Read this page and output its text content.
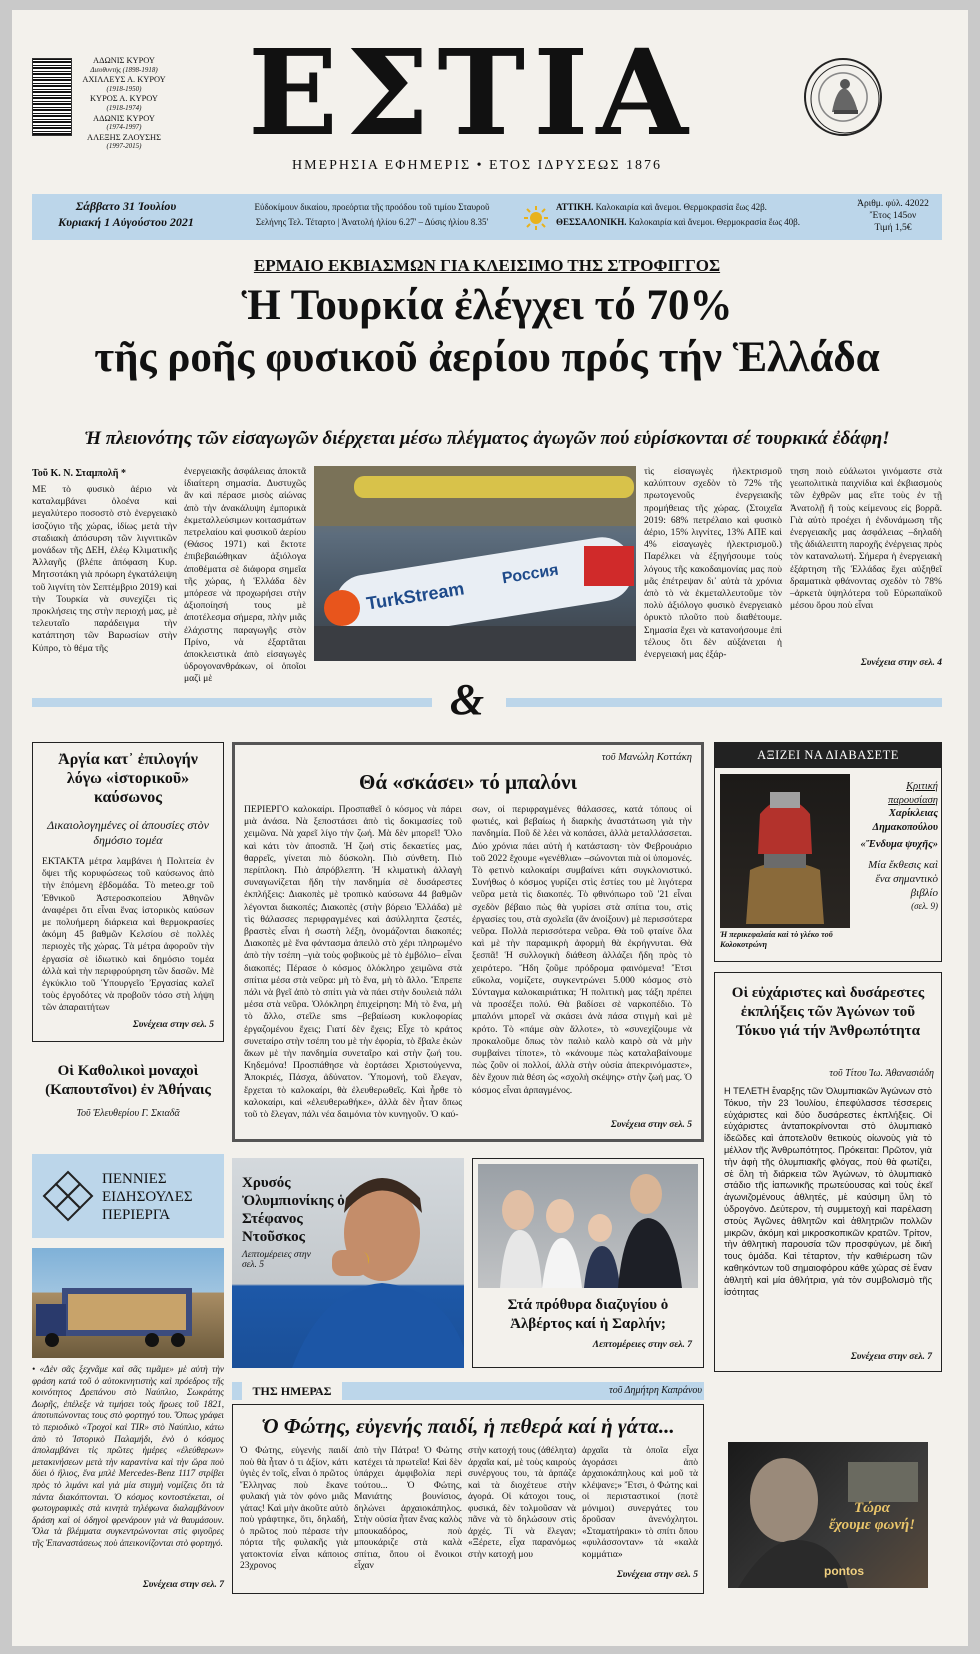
ΑΔΩΝΙΣ ΚΥΡΟΥ
Διευθυντής (1898-1918)
ΑΧΙΛΛΕΥΣ Α. ΚΥΡΟΥ
(1918-1950)
ΚΥΡΟΣ Α. ΚΥΡΟΥ
(1918-1974)
ΑΔΩΝΙΣ ΚΥΡΟΥ
(1974-1997)
ΑΛΕΞΗΣ ΖΑΟΥΣΗΣ
(1997-2015) ΕΣΤΙΑ
ΗΜΕΡΗΣΙΑ ΕΦΗΜΕΡΙΣ • ΕΤΟΣ ΙΔΡΥΣΕΩΣ 1876
Σάββατο 31 Ἰουλίου
Κυριακή 1 Αὐγούστου 2021
Εὐδοκίμουν δικαίου, προεόρτια τῆς προόδου τοῦ τιμίου Σταυροῦ
Σελήνης Τελ. Τέταρτο | Ἀνατολή ἡλίου 6.27' – Δύσις ἡλίου 8.35'
ΑΤΤΙΚΗ. Καλοκαιρία καὶ ἄνεμοι. Θερμοκρασία ἕως 42β.
ΘΕΣΣΑΛΟΝΙΚΗ. Καλοκαιρία καὶ ἄνεμοι. Θερμοκρασία ἕως 40β.
Ἀριθμ. φύλ. 42022
Ἔτος 145ον
Τιμή 1,5€
ΕΡΜΑΙΟ ΕΚΒΙΑΣΜΩΝ ΓΙΑ ΚΛΕΙΣΙΜΟ ΤΗΣ ΣΤΡΟΦΙΓΓΟΣ
Ἡ Τουρκία ἐλέγχει τό 70%
τῆς ροῆς φυσικοῦ ἀερίου πρός τήν Ἑλλάδα
Ἡ πλειονότης τῶν εἰσαγωγῶν διέρχεται μέσω πλέγματος ἀγωγῶν πού εὑρίσκονται σέ τουρκικά ἐδάφη!
Τοῦ Κ. Ν. Σταμπολῆ *
ΜΕ τὸ φυσικὸ ἀέριο νὰ καταλαμβάνει ὁλοένα καὶ μεγαλύτερο ποσοστὸ στὸ ἐνεργειακὸ ἰσοζύγιο τῆς χώρας, ἰδίως μετὰ τὴν σταδιακὴ ἀπόσυρση τῶν λιγνιτικῶν μονάδων τῆς ΔΕΗ, ἐλέῳ Κλιματικῆς Ἀλλαγῆς (βλέπε ἀπόφαση Κυρ. Μητσοτάκη γιὰ πρόωρη ἐγκατάλειψη τοῦ λιγνίτη τὸν Σεπτέμβριο 2019) καὶ τὴν Τουρκία νὰ συνεχίζει τὶς προκλήσεις της στὴν περιοχή μας, μὲ τελευταῖο παράδειγμα τὴν κατάπτηση τῶν Βαρωσίων στὴν Κύπρο, τὸ θέμα τῆς
ἐνεργειακῆς ἀσφάλειας ἀποκτᾶ ἰδιαίτερη σημασία. Δυστυχῶς ἂν καὶ πέρασε μισὸς αἰώνας ἀπὸ τὴν ἀνακάλυψη ἐμπορικὰ ἐκμεταλλεύσιμων κοιτασμάτων πετρελαίου καὶ φυσικοῦ ἀερίου (Θάσος 1971) καὶ ἔκτοτε ἐπιβεβαιώθηκαν ἀξιόλογα ἀποθέματα σὲ διάφορα σημεῖα τῆς χώρας, ἡ Ἑλλάδα δὲν μπόρεσε νὰ προχωρήσει στὴν ἀξιοποίησή τους μὲ ἀποτέλεσμα σήμερα, πλὴν μιᾶς ἐλάχιστης παραγωγῆς στὸν Πρίνο, νὰ ἐξαρτᾶται ἀποκλειστικὰ ἀπὸ εἰσαγωγὲς ὑδρογονανθράκων, οἱ ὁποῖοι μαζὶ μὲ
TurkStream
Россия
τὶς εἰσαγωγὲς ἠλεκτρισμοῦ καλύπτουν σχεδὸν τὸ 72% τῆς πρωτογενοῦς ἐνεργειακῆς προμήθειας τῆς χώρας. (Στοιχεῖα 2019: 68% πετρέλαιο καὶ φυσικὸ ἀέριο, 15% λιγνίτες, 13% ΑΠΕ καὶ 4% εἰσαγωγὲς ἠλεκτρισμοῦ.) Παρέλκει νὰ ἐξηγήσουμε τοὺς λόγους τῆς κακοδαιμονίας μας ποὺ μᾶς ἐπέτρεψαν δι᾿ αὐτὰ τὰ χρόνια ἀπὸ τὸ νὰ ἐκμεταλλευτοῦμε τὸν πολὺ ἀξιόλογο φυσικὸ ἐνεργειακὸ ὀρυκτὸ πλοῦτο ποὺ διαθέτουμε. Σημασία ἔχει νὰ κατανοήσουμε ἐπὶ τέλους ὅτι δὲν αὐξάνεται ἡ ἐνεργειακή μας ἐξάρ-
τηση ποιὸ εὐάλωτοι γινόμαστε στὰ γεωπολιτικὰ παιχνίδια καὶ ἐκβιασμοὺς τῶν ἐχθρῶν μας εἴτε τοὺς ἐν τῇ Ἀνατολῇ ἢ τοὺς κείμενους εἰς βορρᾶ. Γιὰ αὐτὸ προέχει ἡ ἐνδυνάμωση τῆς ἐνεργειακῆς μας ἀσφάλειας –δηλαδὴ τῆς ἀδιάλειπτη παροχῆς ἐνέργειας πρὸς τὸν καταναλωτή. Σήμερα ἡ ἐνεργειακὴ ἐξάρτηση τῆς Ἑλλάδας ἔχει αὐξηθεῖ δραματικὰ φθάνοντας σχεδὸν τὸ 78% –ἀρκετὰ ὑψηλότερα τοῦ Εὐρωπαϊκοῦ μέσου ὅρου ποὺ εἶναι
Συνέχεια στην σελ. 4
&
Ἀργία κατ᾿ ἐπιλογήν λόγω «ἱστορικοῦ» καύσωνος
Δικαιολογημένες οἱ ἀπουσίες στὸν δημόσιο τομέα
ΕΚΤΑΚΤΑ μέτρα λαμβάνει ἡ Πολιτεία ἐν ὄψει τῆς κορυφώσεως τοῦ καύσωνος ἀπὸ τὴν ἑπόμενη ἑβδομάδα. Τὸ meteo.gr τοῦ Ἐθνικοῦ Ἀστεροσκοπείου Ἀθηνῶν ἀναφέρει ὅτι εἶναι ἕνας ἱστορικὸς καύσων με πολυήμερη διάρκεια καὶ θερμοκρασίες ἀκόμη 45 βαθμῶν Κελσίου σὲ πολλὲς περιοχὲς τῆς χώρας. Τὰ μέτρα ἀφοροῦν τὴν ἐργασία σὲ ἰδιωτικὸ καὶ δημόσιο τομέα ἀλλὰ καὶ τὴν περιφρούρηση τῶν δασῶν. Μὲ ἐγκύκλιο τοῦ Ὑπουργεῖο Ἐργασίας καλεῖ τοὺς ἐργοδότες νὰ προβοῦν τόσο στὴ λήψη τῶν ἀπαραιτήτων
Συνέχεια στην σελ. 5
Οἱ Καθολικοὶ μοναχοὶ (Καπουτσῖνοι) ἐν Ἀθήναις
Τοῦ Ἐλευθερίου Γ. Σκιαδᾶ
ΠΕΝΝΙΕΣ ΕΙΔΗΣΟΥΛΕΣ ΠΕΡΙΕΡΓΑ
• «Δὲν σᾶς ξεχνᾶμε καὶ σᾶς τιμᾶμε» μὲ αὐτὴ τὴν φράση κατά τοῦ ὁ αὐτοκινητιστὴς καὶ πρόεδρος τῆς κοινότητος Δρεπάνου στὸ Ναύπλιο, Σωκράτης Δωρῆς, ἐπέλεξε νὰ τιμήσει τοὺς ἥρωες τοῦ 1821, ἀποτυπώνοντας τους στὸ φορτηγό του. Ὅπως γράφει τὸ περιοδικὸ «Τροχοὶ καὶ TIR» στὸ Ναύπλιο, κάτω ἀπὸ τὸ Ἱστορικὸ Παλαμήδι, ἐνὸ ὁ κόσμος ἀπολαμβάνει τὶς πρῶτες ἡμέρες «ἐλεύθερων» μετακινήσεων μετὰ τὴν καραντίνα καὶ τὴν ὥρα ποὺ δύει ὁ ἥλιος, ἕνα μπλὲ Mercedes-Benz 1117 στρίβει πρὸς τὸ λιμάνι καὶ γιὰ μία στιγμὴ νομίζεις ὅτι τὰ πάντα διακόπτονται. Ὁ κόσμος κοντοστέκεται, οἱ φωτογραφικὲς στὰ κινητὰ τηλέφωνα διαλαμβάνουν δράση καὶ οἱ ὁδηγοὶ φρενάρουν γιὰ νὰ θαυμάσουν. Ὅλα τὰ βλέμματα συγκεντρώνονται στὶς φιγοῦρες τῆς Ἐπαναστάσεως ποὺ ἀπεικονίζονται στὸ φορτηγό.
Συνέχεια στην σελ. 7
τοῦ Μανώλη Κοττάκη
Θά «σκάσει» τό μπαλόνι
ΠΕΡΙΕΡΓΟ καλοκαίρι. Προσπαθεῖ ὁ κόσμος νὰ πάρει μιὰ ἀνάσα. Νὰ ξεποστάσει ἀπὸ τὶς δοκιμασίες τοῦ χειμῶνα. Νὰ χαρεῖ λίγο τὴν ζωή. Μὰ δὲν μπορεῖ! Ὅλο καὶ κάτι τὸν ἀποσπᾶ. Ἡ ζωή στὶς δεκαετίες μας, θαρρεῖς, γίνεται πιὸ δύσκολη. Πιὸ σύνθετη. Πιὸ περίπλοκη. Πιὸ ἀπρόβλεπτη. Ἡ κλιματικὴ ἀλλαγὴ συναγωνίζεται ἤδη τὴν πανδημία σὲ δυσάρεστες ἐκπλήξεις: Διακοπὲς μὲ τροπικὸ καύσωνα 44 βαθμῶν λέγονται διακοπές; Διακοπὲς (στὴν βόρειο Ἑλλάδα) μὲ τὶς θάλασσες περιφραγμένες καὶ ἀσύλληπτα ζεστές, βραστὲς εἶναι ἡ σωστὴ λέξη, ὀνομάζονται διακοπές; Διακοπὲς μὲ ἕνα φάντασμα ἀπειλὸ στὸ χέρι πληρωμένο ἀπὸ τὴν τσέπη –γιὰ τοὺς φοβικοὺς μὲ τὸ ἐμβόλιο– εἶναι διακοπές; Πέρασε ὁ κόσμος ὁλόκληρο χειμῶνα στὰ σπίτια μέσα στὰ νεῦρα: μὴ τὸ ἕνα, μὴ τὸ ἄλλο. Ἔπρεπε πάλι νὰ βγεῖ ἀπὸ τὸ σπίτι γιὰ νὰ πάει στὴν δουλειὰ πάλι μέσα στὰ νεῦρα. Ὁλόκληρη ἐπιχείρηση: Μὴ τὸ ἕνα, μὴ τὸ ἄλλο, στεῖλε sms –βεβαίωση κυκλοφορίας ἐργαζομένου ἔχεις; Γιατί δὲν ἔχεις; Εἶχε τὸ κράτος συνεταίρο στὴν τσέπη του μὲ τὴν ἐφορία, τὸ ἔβαλε ἐκὼν ἄκων μὲ τὴν πανδημία συνεταῖρο καὶ στὴν ζωή του. Κηδεμόνα! Προσπάθησε νὰ ἑορτάσει Χριστούγεννα, Ἀποκριές, Πάσχα, ἀδύνατον. Ὑπομονή, τοῦ ἔλεγαν, ἔρχεται τὸ καλοκαίρι, θὰ ἐλευθερωθεῖς. Καὶ ἦρθε τὸ καλοκαίρι, καὶ «ἐλευθερωθήκε», ἀλλὰ δὲν ἦταν ὅπως τοῦ τὸ ἔλεγαν, πάλι νέα δαιμόνια τὸν κυνηγοῦν. Ὁ καύ-
σων, οἱ περιφραγμένες θάλασσες, κατά τόπους οἱ φωτιές, καὶ βεβαίως ἡ διαρκὴς ἀναστάτωση γιὰ τὴν πανδημία. Ποῦ δὲ λέει νὰ κοπάσει, ἀλλὰ μεταλλάσσεται. Δύο χρόνια πάει αὐτὴ ἡ κατάσταση· τὸν Φεβρουάριο τοῦ 2022 ἔχουμε «γενέθλια» –σώνονται πιὰ οἱ ὑπομονές. Τὸ φετινὸ καλοκαίρι συμβαίνει κάτι συγκλονιστικό. Συνήθως ὁ κόσμος γυρίζει στὶς ἑστίες του μὲ λιγότερα νεῦρα μετὰ τὶς διακοπές. Τὸ φθινόπωρο τοῦ '21 εἶναι σχεδὸν βέβαιο πὼς θὰ γυρίσει στὰ σπίτια του, στὶς ἐργασίες του, στὰ σχολεῖα (ἂν ἀνοίξουν) μὲ περισσότερα νεῦρα. Πολλὰ περισσότερα νεῦρα. Θὰ τοῦ φταίνε ὅλα καὶ μὲ τὴν παραμικρὴ ἀφορμὴ θὰ ἐκρήγνυται. Θὰ ξεσπᾶ! Ἡ συλλογικὴ διάθεση ἀλλάζει ἤδη πρὸς τὸ χειρότερο. Ἤδη ζοῦμε πρόδρομα φαινόμενα! Ἔτσι εὔκολα, νομίζετε, συγκεντρώνει 5.000 κόσμος στὸ Σύνταγμα καλοκαιριάτικα; Ἡ πολιτικὴ μας τάξη πρέπει νὰ προσέξει πολύ. Θὰ βαδίσει σὲ ναρκοπέδιο. Τὸ μπαλόνι μπορεῖ νὰ σκάσει ἀνὰ πάσα στιγμὴ καὶ μὲ κρότο. Τὸ «πάμε σὰν ἄλλοτε», τὸ «συνεχίζουμε νὰ προκαλοῦμε ὅπως τὸν παλιὸ καλὸ καιρὸ σὰ νὰ μὴν συμβαίνει τίποτε», τὸ «κάνουμε πὼς καταλαβαίνουμε πὼς ζοῦν οἱ πολλοί, ἀλλὰ στὴν οὐσία ἀπεκρινόμαστε», δὲν ἔχουν πιὰ θέση ὡς «σχολὴ σκέψης» στὴν ζωή μας. Ὁ κόσμος εἶναι ἀρπαγμένος.
Συνέχεια στην σελ. 5
Χρυσός Ὀλυμπιονίκης ὁ Στέφανος Ντοῦσκος
Λεπτομέρειες στην σελ. 5
Στά πρόθυρα διαζυγίου ὁ Ἀλβέρτος καί ἡ Σαρλήν;
Λεπτομέρειες στην σελ. 7
ΤΗΣ ΗΜΕΡΑΣ	τοῦ Δημήτρη Καπράνου
Ὁ Φώτης, εὐγενής παιδί, ἡ πεθερά καί ἡ γάτα...
Ὁ Φώτης, εὐγενὴς παιδί ποὺ θὰ ἦταν ὁ τι ἀξίον, κάτι ὑγιὲς ἐν τοῖς, εἶναι ὁ πρῶτος Ἕλληνας ποὺ ἔκανε φυλακή γιὰ τὸν φόνο μιᾶς γάτας! Καὶ μὴν ἀκοῦτε αὐτὸ ποὺ γράφτηκε, ὅτι, δηλαδή, ὁ πρῶτος ποὺ πέρασε τὴν πόρτα τῆς φυλακῆς γιὰ γατοκτονία εἶναι κάποιος 23χρονος
ἀπὸ τὴν Πάτρα! Ὁ Φώτης κατέχει τὰ πρωτεῖα! Καὶ δὲν ὑπάρχει ἀμφιβολία περὶ τούτου... Ὁ Φώτης, Μανιάτης βουνίσιος, δηλώνει ἀρχαιοκάπηλος. Στὴν οὐσία ἦταν ἕνας καλὸς μπουκαδόρος, ποὺ μπουκάριζε στὰ καλὰ σπίτια, ὅπου οἱ ἔνοικοι εἶχαν
στὴν κατοχή τους (ἀθέλητα) ἀρχαῖα καί, μὲ τοὺς καιροὺς συνέργους του, τὰ ἁρπάζε καὶ τὰ διοχέτευε στὴν ἀγορά. Οἱ κάτοχοι τους, φυσικά, δὲν τολμοῦσαν νὰ πᾶνε νὰ τὸ δηλώσουν στὶς ἀρχές. Τί νὰ ἔλεγαν; «Ξέρετε, εἶχα παρανόμως στὴν κατοχή μου
ἀρχαῖα τὰ ὁποῖα εἶχα ἀγοράσει ἀπὸ ἀρχαιοκάπηλους καὶ μοῦ τὰ κλέψανε;» Ἔτσι, ὁ Φώτης καὶ οἱ περισταστικοί (ποτὲ μόνιμοι) συνεργάτες του δροῦσαν ἀνενόχλητοι. «Σταματήρακι» τὸ σπίτι ὅπου «φυλάσσονταν» τὰ «καλὰ κομμάτια»
Συνέχεια στην σελ. 5
ΑΞΙΖΕΙ ΝΑ ΔΙΑΒΑΣΕΤΕ
Ἡ περικεφαλαία καὶ τὸ γλέκο τοῦ Κολοκοτρώνη
Κριτική
παρουσίαση
Χαρίκλειας Δημακοπούλου
«Ἔνδυμα ψυχῆς»
Μία ἔκθεσις καὶ ἕνα σημαντικὸ βιβλίο
(σελ. 9)
Οἱ εὐχάριστες καὶ δυσάρεστες ἐκπλήξεις τῶν Ἀγώνων τοῦ Τόκυο γιά τήν Ἀνθρωπότητα
τοῦ Τίτου Ἰω. Ἀθανασιάδη
Η ΤΕΛΕΤΗ ἔναρξης τῶν Ὀλυμπιακῶν Ἀγώνων στὸ Τόκυο, τὴν 23 Ἰουλίου, ἐπεφύλασσε τέσσερεις εὐχάριστες καὶ δύο δυσάρεστες ἐκπλήξεις. Οἱ εὐχάριστες ἀνταποκρίνονται στὸ ὀλυμπιακὸ ἰδεῶδες καὶ ἀποτελοῦν θετικοὺς οἰωνοὺς γιὰ τὸ μέλλον τῆς Ἀνθρωπότητος. Πρόκειται: Πρῶτον, γιὰ τὴν ἀφὴ τῆς ὀλυμπιακῆς φλόγας, ποὺ θὰ φωτίζει, σὲ ὅλη τὴ διάρκεια τῶν Ἀγώνων, τὸ ὀλυμπιακὸ στάδιο τῆς ἰαπωνικῆς πρωτεύουσας καὶ τοὺς ἐκεῖ ἀγωνιζομένους ἀθλητές, μὲ καύσιμη ὕλη τὸ ὑδρογόνο. Δεύτερον, τὴ συμμετοχὴ καὶ παρέλαση στοὺς Ἀγῶνες ἀθλητῶν καὶ ἀθλητριῶν πολλῶν μικρῶν, ἀκόμη καὶ μικροσκοπικῶν κρατῶν. Τρίτον, τὴν ἀθλητικὴ παρουσία τῶν προσφύγων, μὲ δική τους ὁμάδα. Καὶ τέταρτον, τὴν καθιέρωση τῶν καθηκόντων τοῦ σημαιοφόρου κάθε χώρας σὲ ἕναν ἀθλητὴ καὶ μία ἀθλήτρια, γιὰ τὸν συμβολισμὸ τῆς ἰσότητας
Συνέχεια στην σελ. 7
Τώρα
ἔχουμε φωνή!
pontos
